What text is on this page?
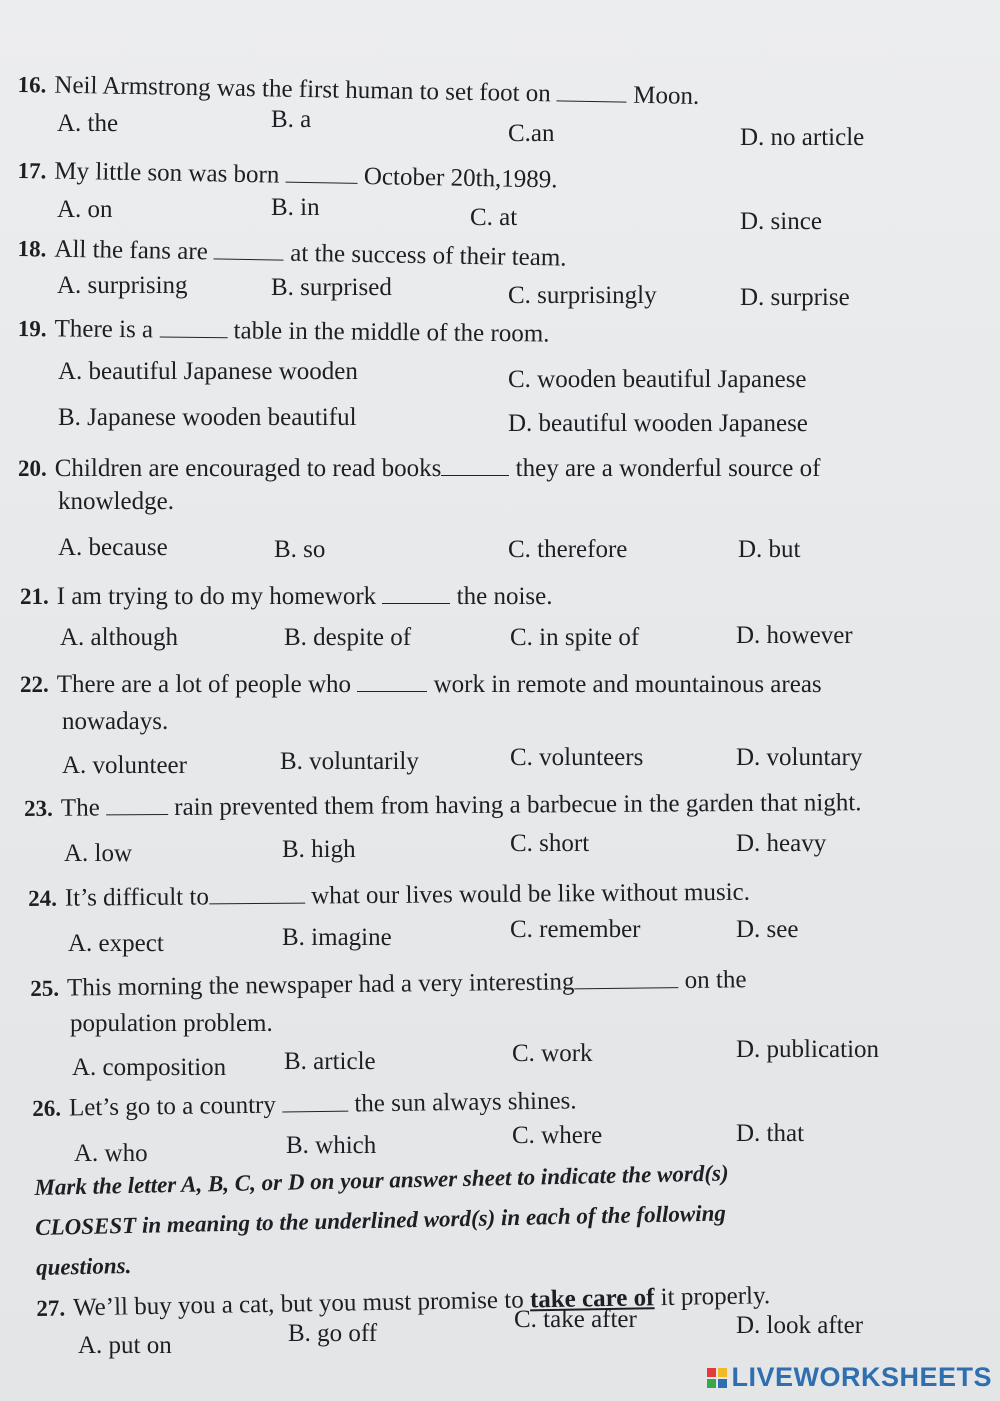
16. Neil Armstrong was the first human to set foot on	Moon.
A. the	B. a
C.an	D. no article
17. My little son was born	October 20th,1989.
A. on	B. in	C. at	D. since
18. All the fans are	at the success of their team.
A. surprising	B. surprised	C. surprisingly	D. surprise
19. There is a	table in the middle of the room.
A. beautiful Japanese wooden
B. Japanese wooden beautiful
C. wooden beautiful Japanese
D. beautiful wooden Japanese
20. Children are encouraged to read books	they are a wonderful source of
knowledge.
A. because	B. so	C. therefore	D. but
21. I am trying to do my homework	the noise.
A. although	B. despite of	C. in spite of	D. however
22. There are a lot of people who	work in remote and mountainous areas
nowadays.
A. volunteer	B. voluntarily	C. volunteers	D. voluntary
23. The	rain prevented them from having a barbecue in the garden that night.
A. low	B. high	C. short	D. heavy
24. It’s difficult to	what our lives would be like without music.
A. expect	B. imagine	C. remember	D. see
25. This morning the newspaper had a very interesting	on the
population problem.
A. composition B. article	C. work	D. publication
26. Let’s go to a country	the sun always shines.
A. who	B. which	C. where	D. that
Mark the letter A, B, C, or D on your answer sheet to indicate the word(s)
CLOSEST in meaning to the underlined word(s) in each of the following
questions.
27. We’ll buy you a cat, but you must promise to take care of it properly.
A. put on	B. go off
C. take after	D. look after
LIVEWORKSHEETS
